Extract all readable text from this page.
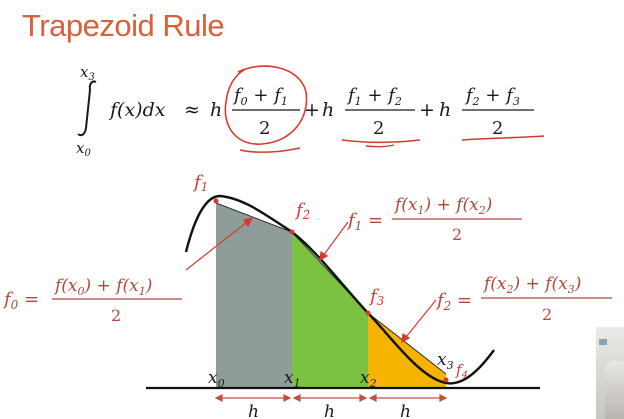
Trapezoid Rule
$x_3$
$x_0$
f(x)dx ≈ h
$f_0 + f_1$
2
+ h
$f_1 + f_2$
2
+ h
$f_2 + f_3$
2
f1
f2
f3
$f_4$
$x_0$	$x_1$	$x_2$
$x_3$
h	h	h
$f_0$ =
$f(x_0) + f(x_1)$
2
$f_1$ =
$f(x_1) + f(x_2)$
2
$f_2$ =
$f(x_2) + f(x_3)$
2
